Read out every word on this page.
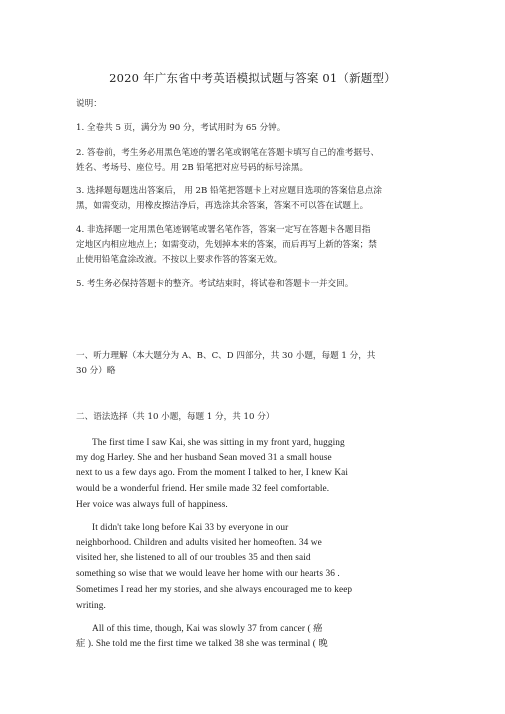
2020 年广东省中考英语模拟试题与答案 01（新题型）
说明：
1. 全卷共 5 页，满分为 90 分，考试用时为 65 分钟。
2. 答卷前，考生务必用黑色笔迹的署名笔或钢笔在答题卡填写自己的准考据号、
姓名、考场号、座位号。用 2B 铅笔把对应号码的标号涂黑。
3. 选择题每题选出答案后， 用 2B 铅笔把答题卡上对应题目选项的答案信息点涂
黑，如需变动，用橡皮擦洁净后，再选涂其余答案，答案不可以答在试题上。
4. 非选择题一定用黑色笔迹钢笔或署名笔作答，答案一定写在答题卡各题目指
定地区内相应地点上；如需变动，先划掉本来的答案，而后再写上新的答案；禁
止使用铅笔盒涂改液。不按以上要求作答的答案无效。
5. 考生务必保持答题卡的整齐。考试结束时，将试卷和答题卡一并交回。
一、听力理解（本大题分为 A、B、C、D 四部分，共 30 小题，每题 1 分，共
30 分）略
二、语法选择（共 10 小题，每题 1 分，共 10 分）
The first time I saw Kai, she was sitting in my front yard, hugging
my dog Harley. She and her husband Sean moved 31 a small house
next to us a few days ago. From the moment I talked to her, I knew Kai
would be a wonderful friend. Her smile made 32 feel comfortable.
Her voice was always full of happiness.
It didn't take long before Kai 33 by everyone in our
neighborhood. Children and adults visited her homeoften. 34 we
visited her, she listened to all of our troubles 35 and then said
something so wise that we would leave her home with our hearts 36 .
Sometimes I read her my stories, and she always encouraged me to keep
writing.
All of this time, though, Kai was slowly 37 from cancer ( 癌
症 ). She told me the first time we talked 38 she was terminal ( 晚
